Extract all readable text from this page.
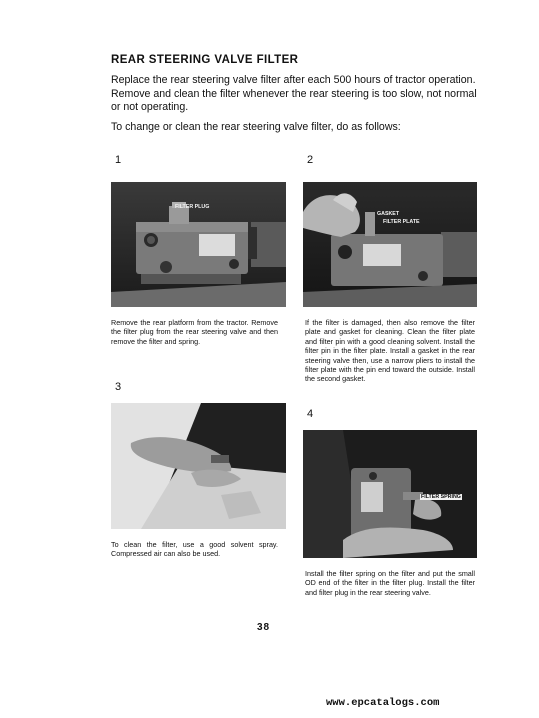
REAR STEERING VALVE FILTER
Replace the rear steering valve filter after each 500 hours of tractor operation. Remove and clean the filter whenever the rear steering is too slow, not normal or not operating.
To change or clean the rear steering valve filter, do as follows:
1
FILTER PLUG
Remove the rear platform from the tractor. Remove the filter plug from the rear steering valve and then remove the filter and spring.
2
GASKET
FILTER PLATE
If the filter is damaged, then also remove the filter plate and gasket for cleaning. Clean the filter plate and filter pin with a good cleaning solvent. Install the filter pin in the filter plate. Install a gasket in the rear steering valve then, use a narrow pliers to install the filter plate with the pin end toward the outside. Install the second gasket.
3
To clean the filter, use a good solvent spray. Compressed air can also be used.
4
FILTER SPRING
Install the filter spring on the filter and put the small OD end of the filter in the filter plug. Install the filter and filter plug in the rear steering valve.
38
www.epcatalogs.com
